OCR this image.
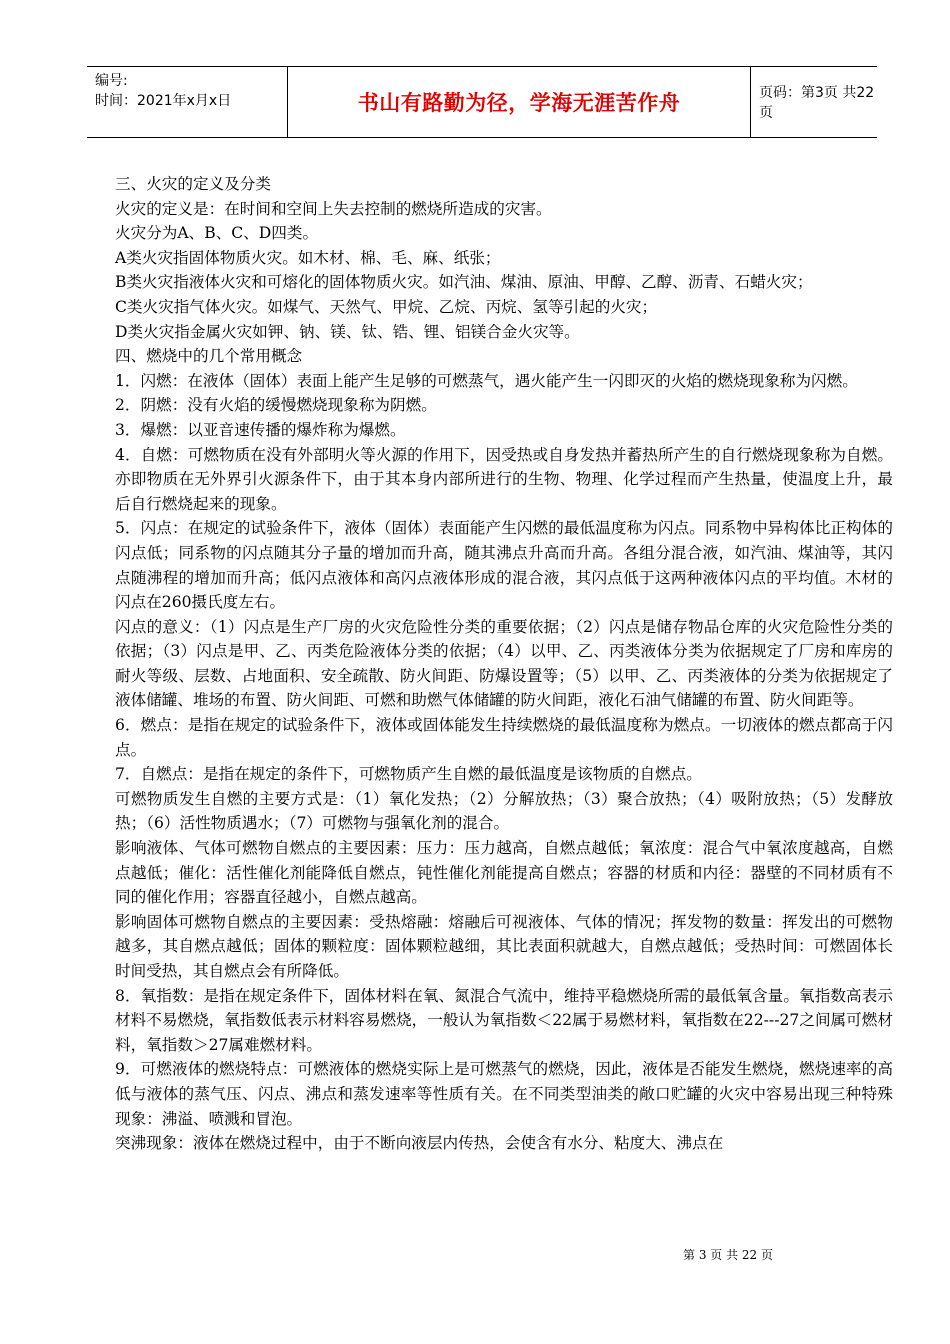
编号:
时间：2021年x月x日	书山有路勤为径，学海无涯苦作舟	页码：第3页 共22页

三、火灾的定义及分类

火灾的定义是：在时间和空间上失去控制的燃烧所造成的灾害。

火灾分为A、B、C、D四类。

A类火灾指固体物质火灾。如木材、棉、毛、麻、纸张；

B类火灾指液体火灾和可熔化的固体物质火灾。如汽油、煤油、原油、甲醇、乙醇、沥青、石蜡火灾；

C类火灾指气体火灾。如煤气、天然气、甲烷、乙烷、丙烷、氢等引起的火灾；

D类火灾指金属火灾如钾、钠、镁、钛、锆、锂、铝镁合金火灾等。

四、燃烧中的几个常用概念

1．闪燃：在液体（固体）表面上能产生足够的可燃蒸气，遇火能产生一闪即灭的火焰的燃烧现象称为闪燃。

2．阴燃：没有火焰的缓慢燃烧现象称为阴燃。

3．爆燃：以亚音速传播的爆炸称为爆燃。

4．自燃：可燃物质在没有外部明火等火源的作用下，因受热或自身发热并蓄热所产生的自行燃烧现象称为自燃。亦即物质在无外界引火源条件下，由于其本身内部所进行的生物、物理、化学过程而产生热量，使温度上升，最后自行燃烧起来的现象。

5．闪点：在规定的试验条件下，液体（固体）表面能产生闪燃的最低温度称为闪点。同系物中异构体比正构体的闪点低；同系物的闪点随其分子量的增加而升高，随其沸点升高而升高。各组分混合液，如汽油、煤油等，其闪点随沸程的增加而升高；低闪点液体和高闪点液体形成的混合液，其闪点低于这两种液体闪点的平均值。木材的闪点在260摄氏度左右。

闪点的意义：（1）闪点是生产厂房的火灾危险性分类的重要依据；（2）闪点是储存物品仓库的火灾危险性分类的依据；（3）闪点是甲、乙、丙类危险液体分类的依据；（4）以甲、乙、丙类液体分类为依据规定了厂房和库房的耐火等级、层数、占地面积、安全疏散、防火间距、防爆设置等；（5）以甲、乙、丙类液体的分类为依据规定了液体储罐、堆场的布置、防火间距、可燃和助燃气体储罐的防火间距，液化石油气储罐的布置、防火间距等。

6．燃点：是指在规定的试验条件下，液体或固体能发生持续燃烧的最低温度称为燃点。一切液体的燃点都高于闪点。

7．自燃点：是指在规定的条件下，可燃物质产生自燃的最低温度是该物质的自燃点。

可燃物质发生自燃的主要方式是：（1）氧化发热；（2）分解放热；（3）聚合放热；（4）吸附放热；（5）发酵放热；（6）活性物质遇水；（7）可燃物与强氧化剂的混合。

影响液体、气体可燃物自燃点的主要因素：压力：压力越高，自燃点越低；氧浓度：混合气中氧浓度越高，自燃点越低；催化：活性催化剂能降低自燃点，钝性催化剂能提高自燃点；容器的材质和内径：器壁的不同材质有不同的催化作用；容器直径越小，自燃点越高。

影响固体可燃物自燃点的主要因素：受热熔融：熔融后可视液体、气体的情况；挥发物的数量：挥发出的可燃物越多，其自燃点越低；固体的颗粒度：固体颗粒越细，其比表面积就越大，自燃点越低；受热时间：可燃固体长时间受热，其自燃点会有所降低。

8．氧指数：是指在规定条件下，固体材料在氧、氮混合气流中，维持平稳燃烧所需的最低氧含量。氧指数高表示材料不易燃烧，氧指数低表示材料容易燃烧，一般认为氧指数＜22属于易燃材料，氧指数在22---27之间属可燃材料，氧指数＞27属难燃材料。

9．可燃液体的燃烧特点：可燃液体的燃烧实际上是可燃蒸气的燃烧，因此，液体是否能发生燃烧，燃烧速率的高低与液体的蒸气压、闪点、沸点和蒸发速率等性质有关。在不同类型油类的敞口贮罐的火灾中容易出现三种特殊现象：沸溢、喷溅和冒泡。

突沸现象：液体在燃烧过程中，由于不断向液层内传热，会使含有水分、粘度大、沸点在

第 3 页 共 22 页
